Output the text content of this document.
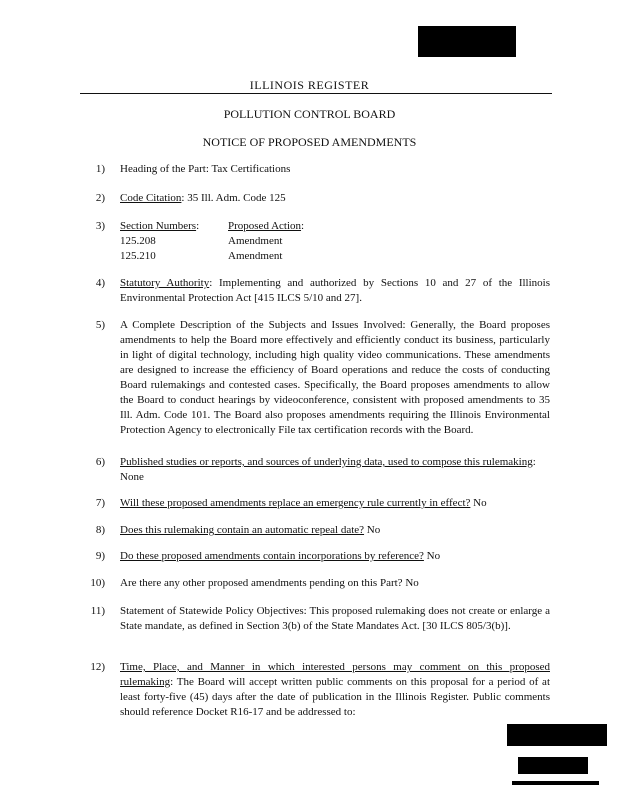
ILLINOIS REGISTER
POLLUTION CONTROL BOARD
NOTICE OF PROPOSED AMENDMENTS
1) Heading of the Part: Tax Certifications
2) Code Citation: 35 Ill. Adm. Code 125
3) Section Numbers:	Proposed Action:
125.208	Amendment
125.210	Amendment
4) Statutory Authority: Implementing and authorized by Sections 10 and 27 of the Illinois Environmental Protection Act [415 ILCS 5/10 and 27].
5) A Complete Description of the Subjects and Issues Involved: Generally, the Board proposes amendments to help the Board more effectively and efficiently conduct its business, particularly in light of digital technology, including high quality video communications. These amendments are designed to increase the efficiency of Board operations and reduce the costs of conducting Board rulemakings and contested cases. Specifically, the Board proposes amendments to allow the Board to conduct hearings by videoconference, consistent with proposed amendments to 35 Ill. Adm. Code 101. The Board also proposes amendments requiring the Illinois Environmental Protection Agency to electronically File tax certification records with the Board.
6) Published studies or reports, and sources of underlying data, used to compose this rulemaking: None
7) Will these proposed amendments replace an emergency rule currently in effect? No
8) Does this rulemaking contain an automatic repeal date? No
9) Do these proposed amendments contain incorporations by reference? No
10) Are there any other proposed amendments pending on this Part? No
11) Statement of Statewide Policy Objectives: This proposed rulemaking does not create or enlarge a State mandate, as defined in Section 3(b) of the State Mandates Act. [30 ILCS 805/3(b)].
12) Time, Place, and Manner in which interested persons may comment on this proposed rulemaking: The Board will accept written public comments on this proposal for a period of at least forty-five (45) days after the date of publication in the Illinois Register. Public comments should reference Docket R16-17 and be addressed to:
